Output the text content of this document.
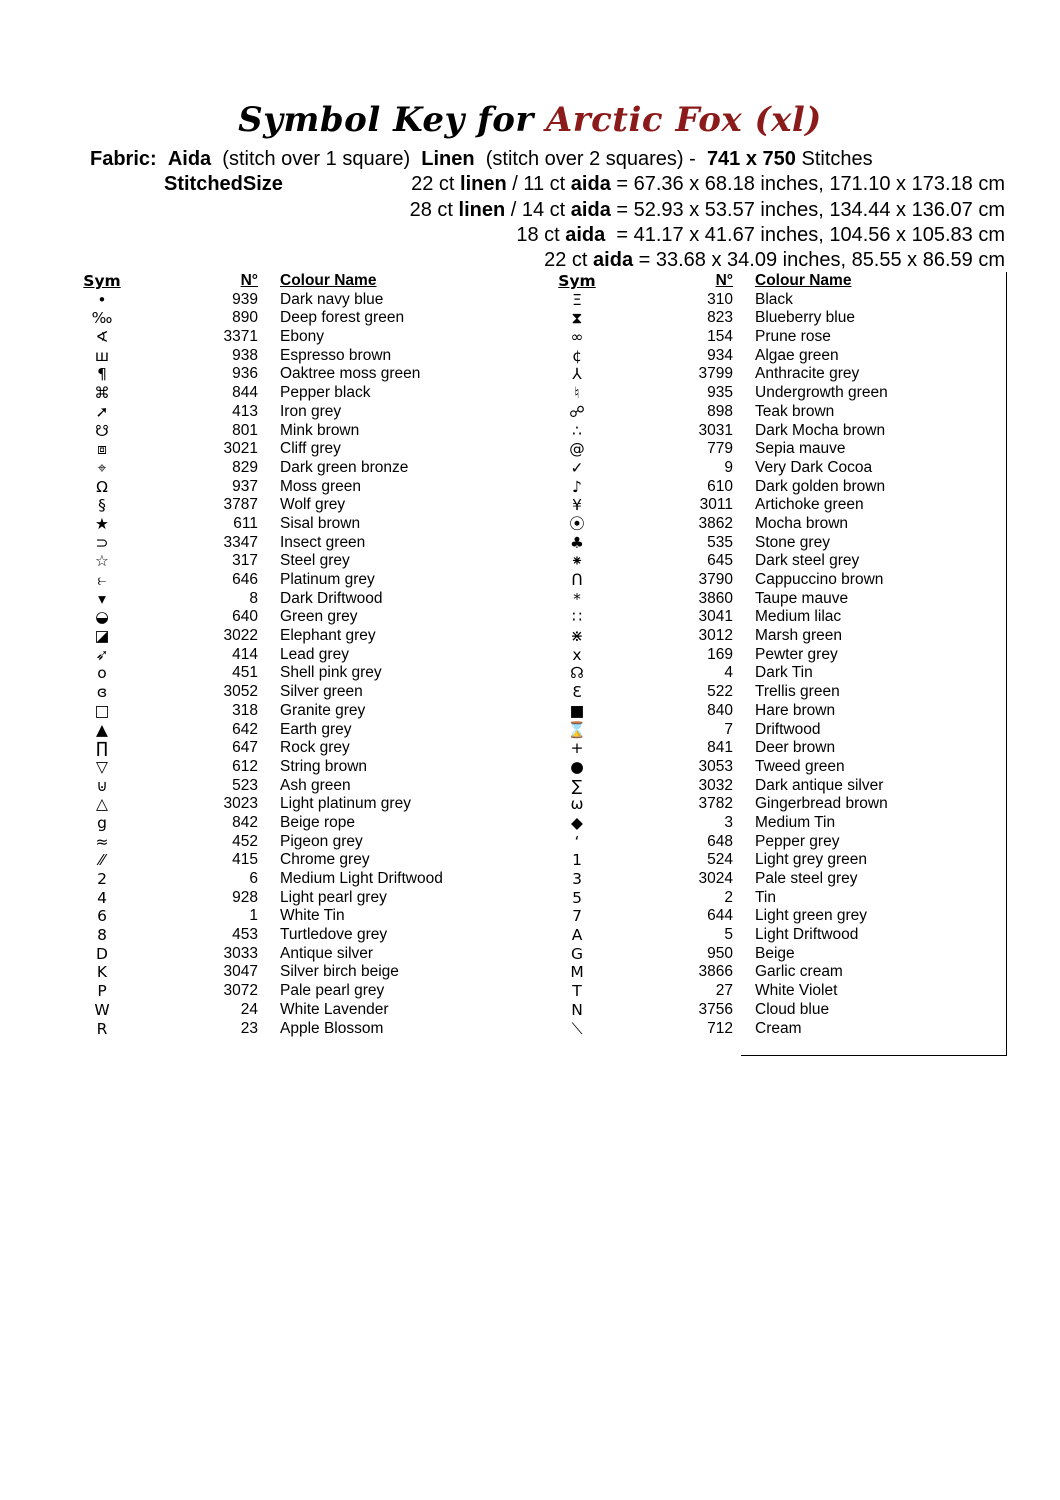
Symbol Key for Arctic Fox (xl)
Fabric: Aida (stitch over 1 square) Linen (stitch over 2 squares) - 741 x 750 Stitches
StitchedSize	22 ct linen / 11 ct aida = 67.36 x 68.18 inches, 171.10 x 173.18 cm
28 ct linen / 14 ct aida = 52.93 x 53.57 inches, 134.44 x 136.07 cm
18 ct aida  = 41.17 x 41.67 inches, 104.56 x 105.83 cm
22 ct aida = 33.68 x 34.09 inches, 85.55 x 86.59 cm
Sym	N° Colour Name
•	939 Dark navy blue
‰	890 Deep forest green
∢	3371 Ebony
ш	938 Espresso brown
¶	936 Oaktree moss green
⌘	844 Pepper black
➚	413 Iron grey
☋	801 Mink brown
⧈	3021 Cliff grey
⌖	829 Dark green bronze
Ω	937 Moss green
§	3787 Wolf grey
★	611 Sisal brown
⊃	3347 Insect green
☆	317 Steel grey
⥼	646 Platinum grey
▾	8 Dark Driftwood
◒	640 Green grey
◪	3022 Elephant grey
➶	414 Lead grey
o	451 Shell pink grey
ɞ	3052 Silver green
□	318 Granite grey
▲	642 Earth grey
∏	647 Rock grey
▽	612 String brown
⊍	523 Ash green
△	3023 Light platinum grey
g	842 Beige rope
≈	452 Pigeon grey
⁄⁄	415 Chrome grey
2	6 Medium Light Driftwood
4	928 Light pearl grey
6	1 White Tin
8	453 Turtledove grey
D	3033 Antique silver
K	3047 Silver birch beige
P	3072 Pale pearl grey
W	24 White Lavender
R	23 Apple Blossom
Sym	N° Colour Name
Ξ	310 Black
⧗	823 Blueberry blue
∞	154 Prune rose
¢	934 Algae green
⅄	3799 Anthracite grey
♮	935 Undergrowth green
☍	898 Teak brown
∴	3031 Dark Mocha brown
@	779 Sepia mauve
✓	9 Very Dark Cocoa
♪	610 Dark golden brown
¥	3011 Artichoke green
⦿	3862 Mocha brown
♣	535 Stone grey
⁕	645 Dark steel grey
ᑎ	3790 Cappuccino brown
*	3860 Taupe mauve
∷	3041 Medium lilac
⋇	3012 Marsh green
x	169 Pewter grey
☊	4 Dark Tin
Ɛ	522 Trellis green
■	840 Hare brown
⌛	7 Driftwood
+	841 Deer brown
●	3053 Tweed green
∑	3032 Dark antique silver
ω	3782 Gingerbread brown
◆	3 Medium Tin
ʻ	648 Pepper grey
1	524 Light grey green
3	3024 Pale steel grey
5	2 Tin
7	644 Light green grey
A	5 Light Driftwood
G	950 Beige
M	3866 Garlic cream
T	27 White Violet
N	3756 Cloud blue
⟍	712 Cream
